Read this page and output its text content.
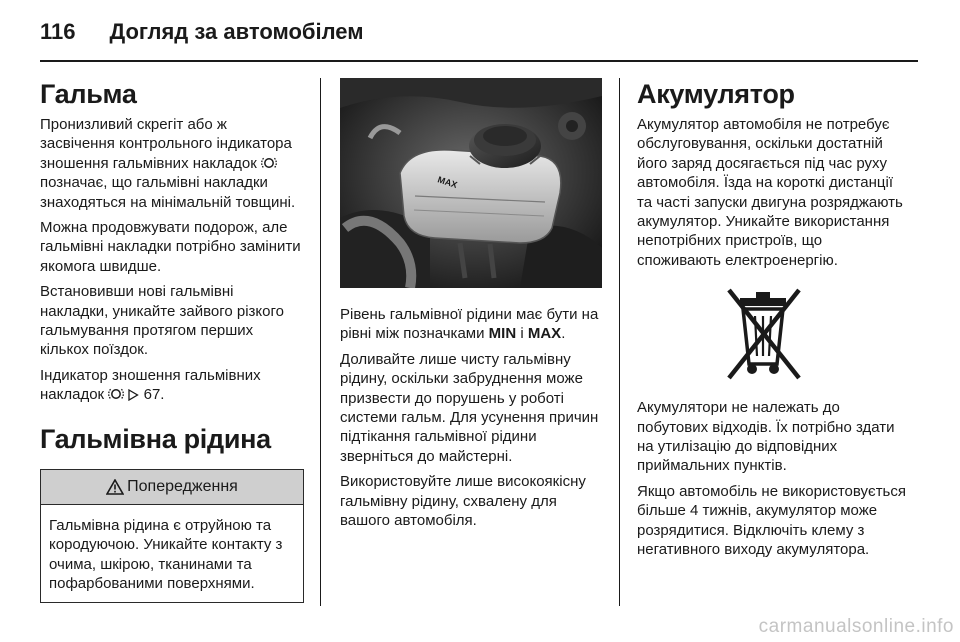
116 Догляд за автомобілем
Гальма

Пронизливий скрегіт або ж засвічення контрольного індикатора зношення гальмівних накладок  позначає, що гальмівні накладки знаходяться на мінімальній товщині.

Можна продовжувати подорож, але гальмівні накладки потрібно замінити якомога швидше.

Встановивши нові гальмівні накладки, уникайте зайвого різкого гальмування протягом перших кількох поїздок.

Індикатор зношення гальмівних накладок	67.

Гальмівна рідина
Попередження

Гальмівна рідина є отруйною та кородуючою. Уникайте контакту з очима, шкірою, тканинами та пофарбованими поверхнями.

MAX

Рівень гальмівної рідини має бути на рівні між позначками MIN і MAX.

Доливайте лише чисту гальмівну рідину, оскільки забруднення може призвести до порушень у роботі системи гальм. Для усунення причин підтікання гальмівної рідини зверніться до майстерні.

Використовуйте лише високоякісну гальмівну рідину, схвалену для вашого автомобіля.

Акумулятор

Акумулятор автомобіля не потребує обслуговування, оскільки достатній його заряд досягається під час руху автомобіля. Їзда на короткі дистанції та часті запуски двигуна розряджають акумулятор. Уникайте використання непотрібних пристроїв, що споживають електроенергію.

Акумулятори не належать до побутових відходів. Їх потрібно здати на утилізацію до відповідних приймальних пунктів.

Якщо автомобіль не використовується більше 4 тижнів, акумулятор може розрядитися. Відключіть клему з негативного виходу акумулятора.

carmanualsonline.info
